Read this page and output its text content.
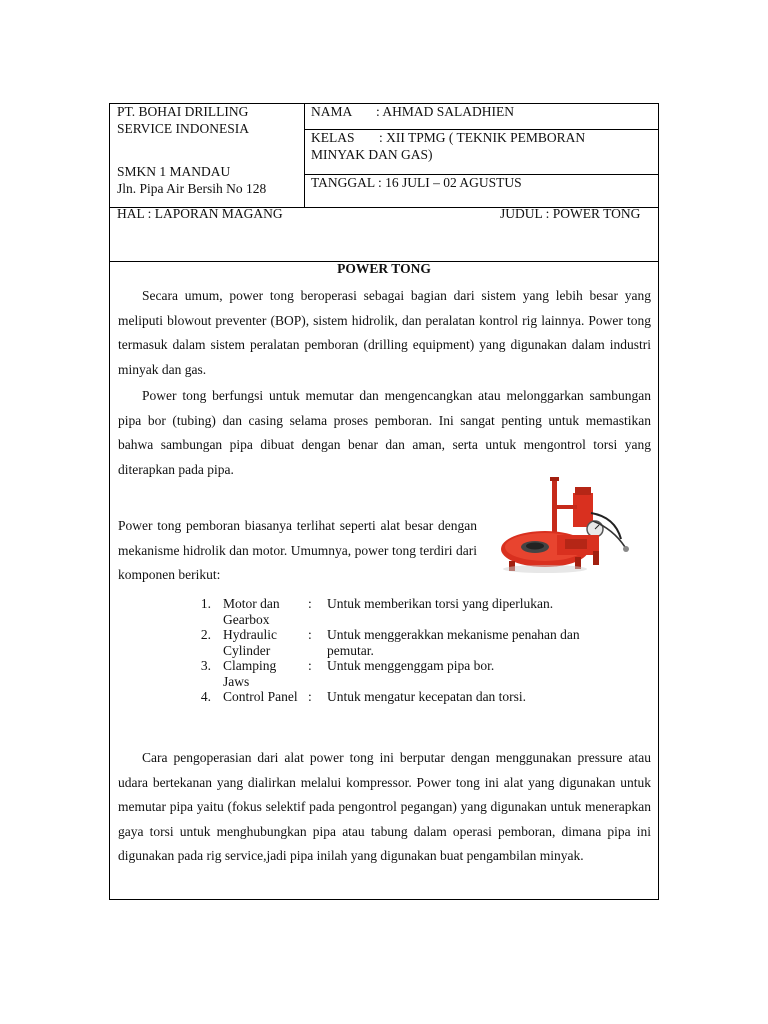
PT. BOHAI DRILLING
SERVICE INDONESIA
SMKN 1 MANDAU
Jln. Pipa Air Bersih No 128
NAMA : AHMAD SALADHIEN
KELAS : XII TPMG ( TEKNIK PEMBORAN
MINYAK DAN GAS)
TANGGAL : 16 JULI – 02 AGUSTUS
HAL : LAPORAN MAGANG	JUDUL : POWER TONG
POWER TONG
Secara umum, power tong beroperasi sebagai bagian dari sistem yang lebih besar yang meliputi blowout preventer (BOP), sistem hidrolik, dan peralatan kontrol rig lainnya. Power tong termasuk dalam sistem peralatan pemboran (drilling equipment) yang digunakan dalam industri minyak dan gas.
Power tong berfungsi untuk memutar dan mengencangkan atau melonggarkan sambungan pipa bor (tubing) dan casing selama proses pemboran. Ini sangat penting untuk memastikan bahwa sambungan pipa dibuat dengan benar dan aman, serta untuk mengontrol torsi yang diterapkan pada pipa.
Power tong pemboran biasanya terlihat seperti alat besar dengan mekanisme hidrolik dan motor. Umumnya, power tong terdiri dari komponen berikut:
1. Motor dan Gearbox
: Untuk memberikan torsi yang diperlukan.
2. Hydraulic Cylinder
: Untuk menggerakkan mekanisme penahan dan pemutar.
3. Clamping Jaws
: Untuk menggenggam pipa bor.
4. Control Panel : Untuk mengatur kecepatan dan torsi.
Cara pengoperasian dari alat power tong ini berputar dengan menggunakan pressure atau udara bertekanan yang dialirkan melalui kompressor. Power tong ini alat yang digunakan untuk memutar pipa yaitu (fokus selektif pada pengontrol pegangan) yang digunakan untuk menerapkan gaya torsi untuk menghubungkan pipa atau tabung dalam operasi pemboran, dimana pipa ini digunakan pada rig service,jadi pipa inilah yang digunakan buat pengambilan minyak.
